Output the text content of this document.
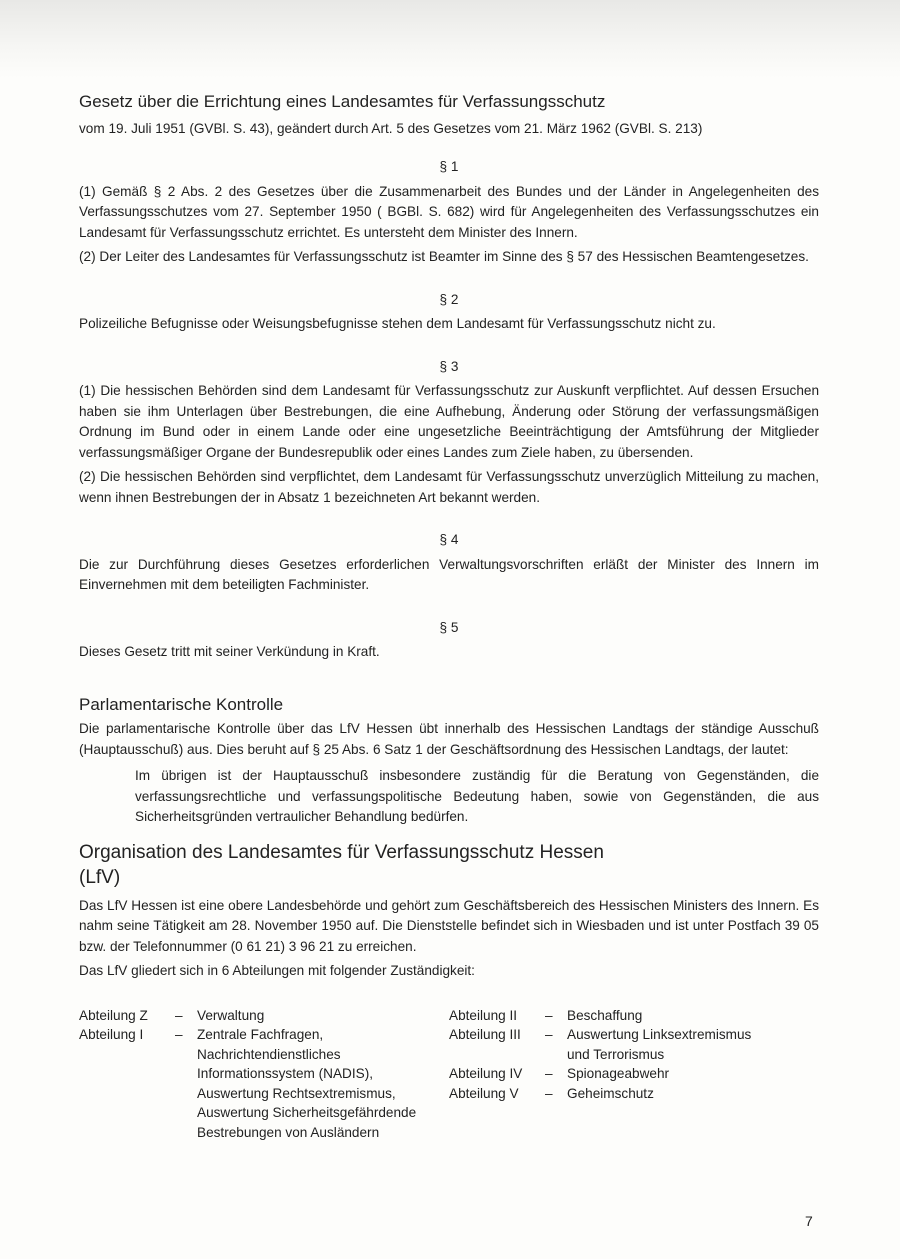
Gesetz über die Errichtung eines Landesamtes für Verfassungsschutz
vom 19. Juli 1951 (GVBl. S. 43), geändert durch Art. 5 des Gesetzes vom 21. März 1962 (GVBl. S. 213)
§ 1
(1) Gemäß § 2 Abs. 2 des Gesetzes über die Zusammenarbeit des Bundes und der Länder in Angelegenheiten des Verfassungsschutzes vom 27. September 1950 ( BGBl. S. 682) wird für Angelegenheiten des Verfassungsschutzes ein Landesamt für Verfassungsschutz errichtet. Es untersteht dem Minister des Innern.
(2) Der Leiter des Landesamtes für Verfassungsschutz ist Beamter im Sinne des § 57 des Hessischen Beamtengesetzes.
§ 2
Polizeiliche Befugnisse oder Weisungsbefugnisse stehen dem Landesamt für Verfassungsschutz nicht zu.
§ 3
(1) Die hessischen Behörden sind dem Landesamt für Verfassungsschutz zur Auskunft verpflichtet. Auf dessen Ersuchen haben sie ihm Unterlagen über Bestrebungen, die eine Aufhebung, Änderung oder Störung der verfassungsmäßigen Ordnung im Bund oder in einem Lande oder eine ungesetzliche Beeinträchtigung der Amtsführung der Mitglieder verfassungsmäßiger Organe der Bundesrepublik oder eines Landes zum Ziele haben, zu übersenden.
(2) Die hessischen Behörden sind verpflichtet, dem Landesamt für Verfassungsschutz unverzüglich Mitteilung zu machen, wenn ihnen Bestrebungen der in Absatz 1 bezeichneten Art bekannt werden.
§ 4
Die zur Durchführung dieses Gesetzes erforderlichen Verwaltungsvorschriften erläßt der Minister des Innern im Einvernehmen mit dem beteiligten Fachminister.
§ 5
Dieses Gesetz tritt mit seiner Verkündung in Kraft.
Parlamentarische Kontrolle
Die parlamentarische Kontrolle über das LfV Hessen übt innerhalb des Hessischen Landtags der ständige Ausschuß (Hauptausschuß) aus. Dies beruht auf § 25 Abs. 6 Satz 1 der Geschäftsordnung des Hessischen Landtags, der lautet:
Im übrigen ist der Hauptausschuß insbesondere zuständig für die Beratung von Gegenständen, die verfassungsrechtliche und verfassungspolitische Bedeutung haben, sowie von Gegenständen, die aus Sicherheitsgründen vertraulicher Behandlung bedürfen.
Organisation des Landesamtes für Verfassungsschutz Hessen (LfV)
Das LfV Hessen ist eine obere Landesbehörde und gehört zum Geschäftsbereich des Hessischen Ministers des Innern. Es nahm seine Tätigkeit am 28. November 1950 auf. Die Dienststelle befindet sich in Wiesbaden und ist unter Postfach 39 05 bzw. der Telefonnummer (0 61 21) 3 96 21 zu erreichen.
Das LfV gliedert sich in 6 Abteilungen mit folgender Zuständigkeit:
Abteilung Z	–	Verwaltung
Abteilung I	–	Zentrale Fachfragen,
Nachrichtendienstliches
Informationssystem (NADIS),
Auswertung Rechtsextremismus,
Auswertung Sicherheitsgefährdende
Bestrebungen von Ausländern
Abteilung II	–	Beschaffung
Abteilung III	–	Auswertung Linksextremismus
und Terrorismus
Abteilung IV	–	Spionageabwehr
Abteilung V	–	Geheimschutz
7
